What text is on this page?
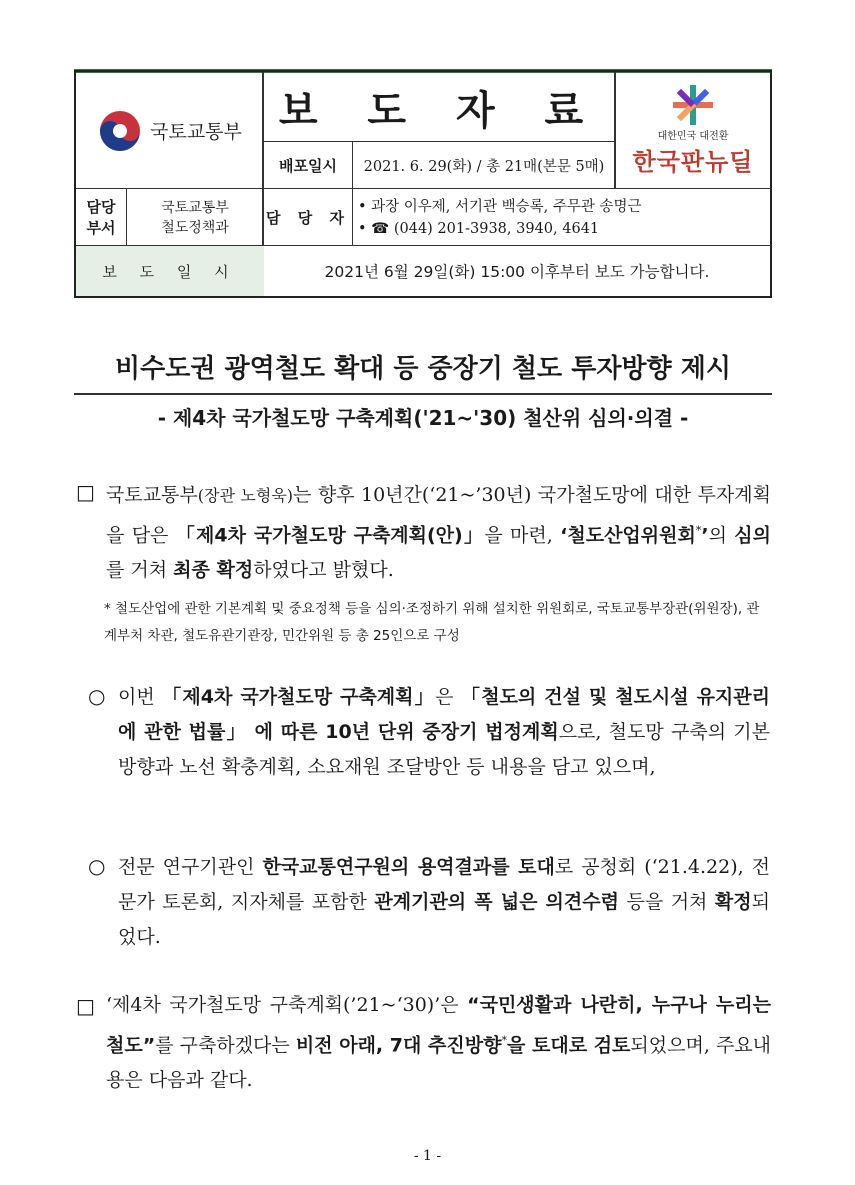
국토교통부 보 도 자 료
배포일시	2021. 6. 29(화) / 총 21매(본문 5매)
대한민국 대전환
한국판뉴딜
담당
부서
국토교통부
철도정책과
담 당 자
• 과장 이우제, 서기관 백승록, 주무관 송명근
• ☎ (044) 201-3938, 3940, 4641
보 도 일 시	2021년 6월 29일(화) 15:00 이후부터 보도 가능합니다.
비수도권 광역철도 확대 등 중장기 철도 투자방향 제시
- 제4차 국가철도망 구축계획('21~'30) 철산위 심의·의결 -
□ 국토교통부(장관 노형욱)는 향후 10년간(‘21~’30년) 국가철도망에 대한 투자계획을 담은 「제4차 국가철도망 구축계획(안)」을 마련, ‘철도산업위원회*’의 심의를 거쳐 최종 확정하였다고 밝혔다.
* 철도산업에 관한 기본계획 및 중요정책 등을 심의·조정하기 위해 설치한 위원회로, 국토교통부장관(위원장), 관계부처 차관, 철도유관기관장, 민간위원 등 총 25인으로 구성
○ 이번 「제4차 국가철도망 구축계획」은 「철도의 건설 및 철도시설 유지관리에 관한 법률」 에 따른 10년 단위 중장기 법정계획으로, 철도망 구축의 기본 방향과 노선 확충계획, 소요재원 조달방안 등 내용을 담고 있으며,
○ 전문 연구기관인 한국교통연구원의 용역결과를 토대로 공청회 (‘21.4.22), 전문가 토론회, 지자체를 포함한 관계기관의 폭 넓은 의견수렴 등을 거쳐 확정되었다.
□ ‘제4차 국가철도망 구축계획(’21~‘30)’은 “국민생활과 나란히, 누구나 누리는 철도”를 구축하겠다는 비전 아래, 7대 추진방향*을 토대로 검토되었으며, 주요내용은 다음과 같다.
- 1 -
